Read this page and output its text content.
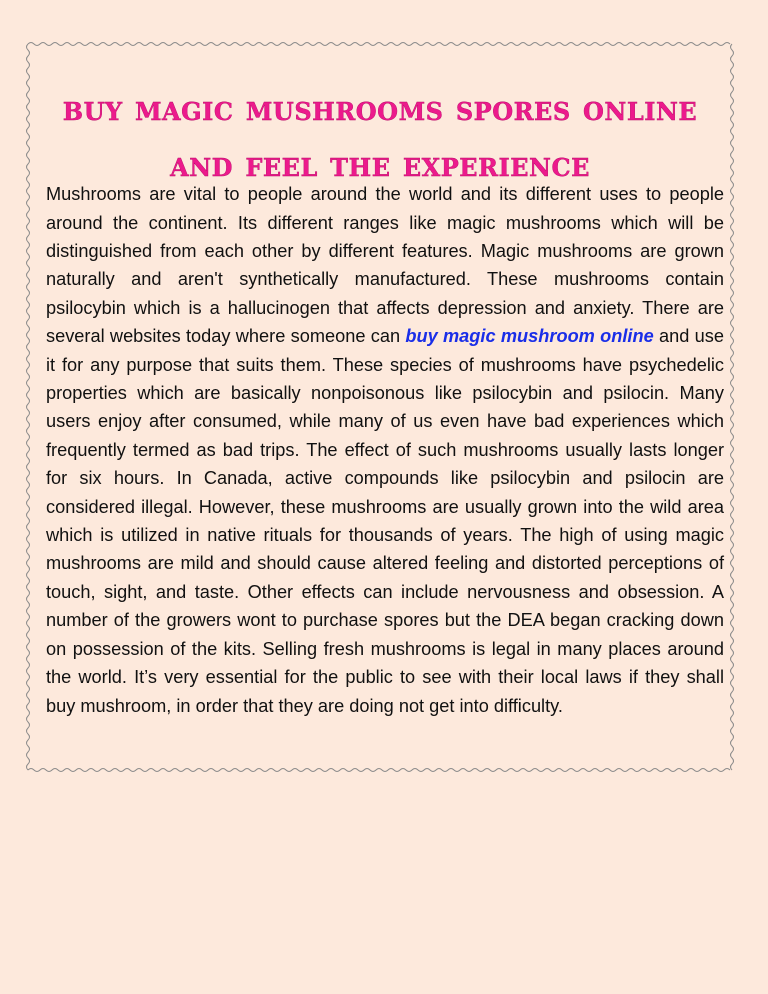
buy magic mushrooms spores online and feel the experience

Mushrooms are vital to people around the world and its different uses to people around the continent. Its different ranges like magic mushrooms which will be distinguished from each other by different features. Magic mushrooms are grown naturally and aren't synthetically manufactured. These mushrooms contain psilocybin which is a hallucinogen that affects depression and anxiety. There are several websites today where someone can buy magic mushroom online and use it for any purpose that suits them. These species of mushrooms have psychedelic properties which are basically nonpoisonous like psilocybin and psilocin. Many users enjoy after consumed, while many of us even have bad experiences which frequently termed as bad trips. The effect of such mushrooms usually lasts longer for six hours. In Canada, active compounds like psilocybin and psilocin are considered illegal. However, these mushrooms are usually grown into the wild area which is utilized in native rituals for thousands of years. The high of using magic mushrooms are mild and should cause altered feeling and distorted perceptions of touch, sight, and taste. Other effects can include nervousness and obsession. A number of the growers wont to purchase spores but the DEA began cracking down on possession of the kits. Selling fresh mushrooms is legal in many places around the world. It’s very essential for the public to see with their local laws if they shall buy mushroom, in order that they are doing not get into difficulty.
